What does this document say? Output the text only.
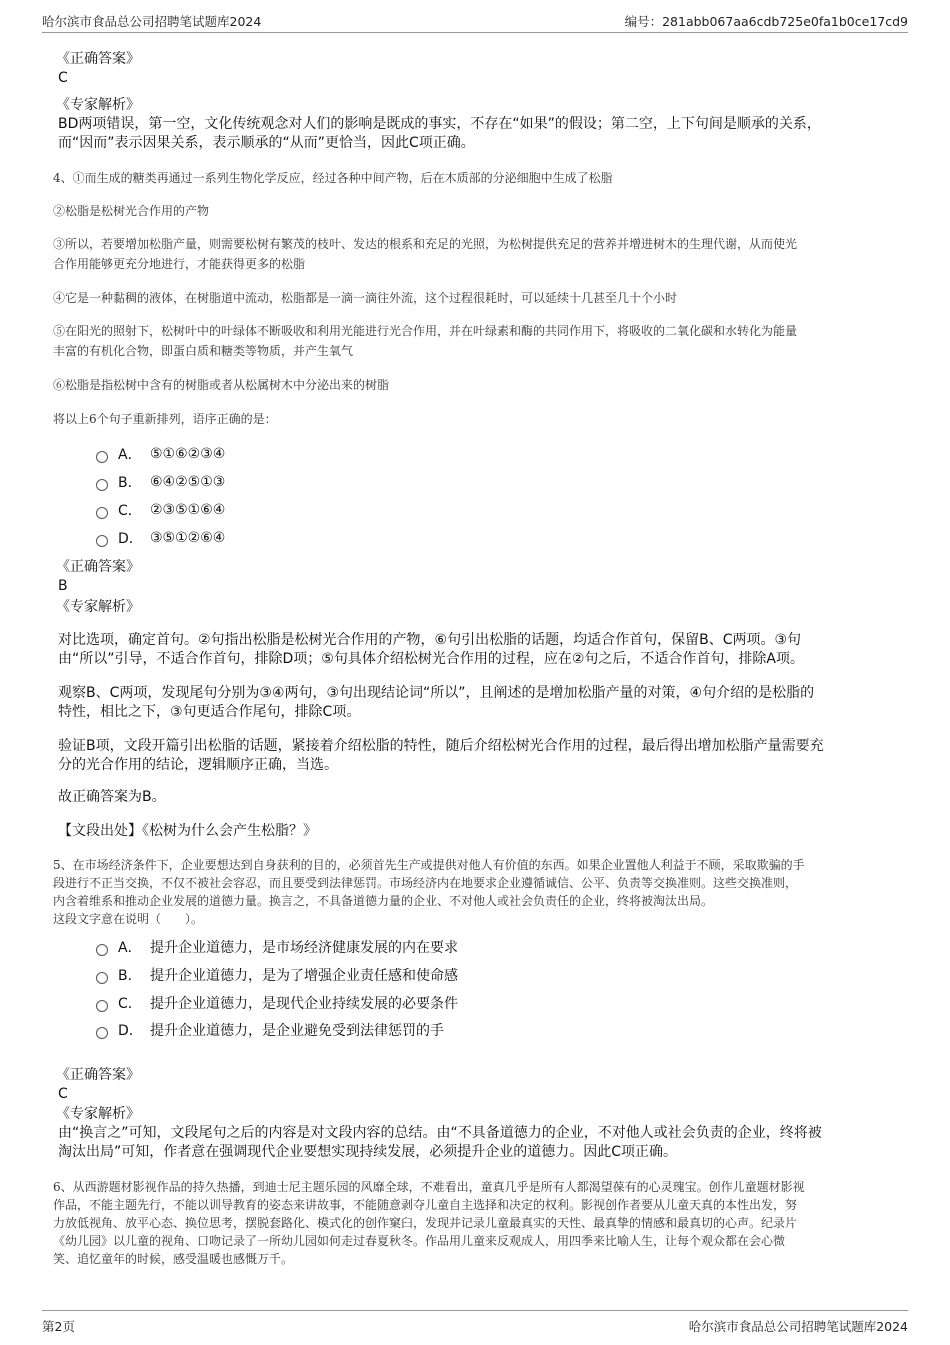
哈尔滨市食品总公司招聘笔试题库2024	编号：281abb067aa6cdb725e0fa1b0ce17cd9
《正确答案》
C
《专家解析》
BD两项错误，第一空，文化传统观念对人们的影响是既成的事实，不存在“如果”的假设；第二空，上下句间是顺承的关系，
而“因而”表示因果关系，表示顺承的“从而”更恰当，因此C项正确。
4、①而生成的糖类再通过一系列生物化学反应，经过各种中间产物，后在木质部的分泌细胞中生成了松脂
②松脂是松树光合作用的产物
③所以，若要增加松脂产量，则需要松树有繁茂的枝叶、发达的根系和充足的光照，为松树提供充足的营养并增进树木的生理代谢，从而使光
合作用能够更充分地进行，才能获得更多的松脂
④它是一种黏稠的液体，在树脂道中流动，松脂都是一滴一滴往外流，这个过程很耗时，可以延续十几甚至几十个小时
⑤在阳光的照射下，松树叶中的叶绿体不断吸收和利用光能进行光合作用，并在叶绿素和酶的共同作用下，将吸收的二氧化碳和水转化为能量
丰富的有机化合物，即蛋白质和糖类等物质，并产生氧气
⑥松脂是指松树中含有的树脂或者从松属树木中分泌出来的树脂
将以上6个句子重新排列，语序正确的是：
A． ⑤①⑥②③④
B． ⑥④②⑤①③
C． ②③⑤①⑥④
D． ③⑤①②⑥④
《正确答案》
B
《专家解析》
对比选项，确定首句。②句指出松脂是松树光合作用的产物，⑥句引出松脂的话题，均适合作首句，保留B、C两项。③句
由“所以”引导，不适合作首句，排除D项；⑤句具体介绍松树光合作用的过程，应在②句之后，不适合作首句，排除A项。
观察B、C两项，发现尾句分别为③④两句，③句出现结论词“所以”，且阐述的是增加松脂产量的对策，④句介绍的是松脂的
特性，相比之下，③句更适合作尾句，排除C项。
验证B项，文段开篇引出松脂的话题，紧接着介绍松脂的特性，随后介绍松树光合作用的过程，最后得出增加松脂产量需要充
分的光合作用的结论，逻辑顺序正确，当选。
故正确答案为B。
【文段出处】《松树为什么会产生松脂？》
5、在市场经济条件下，企业要想达到自身获利的目的，必须首先生产或提供对他人有价值的东西。如果企业置他人利益于不顾，采取欺骗的手
段进行不正当交换，不仅不被社会容忍，而且要受到法律惩罚。市场经济内在地要求企业遵循诚信、公平、负责等交换准则。这些交换准则，
内含着维系和推动企业发展的道德力量。换言之，不具备道德力量的企业、不对他人或社会负责任的企业，终将被淘汰出局。
这段文字意在说明（　　）。
A． 提升企业道德力，是市场经济健康发展的内在要求
B． 提升企业道德力，是为了增强企业责任感和使命感
C． 提升企业道德力，是现代企业持续发展的必要条件
D． 提升企业道德力，是企业避免受到法律惩罚的手
《正确答案》
C
《专家解析》
由“换言之”可知，文段尾句之后的内容是对文段内容的总结。由“不具备道德力的企业，不对他人或社会负责的企业，终将被
淘汰出局”可知，作者意在强调现代企业要想实现持续发展，必须提升企业的道德力。因此C项正确。
6、从西游题材影视作品的持久热播，到迪士尼主题乐园的风靡全球，不难看出，童真几乎是所有人都渴望葆有的心灵瑰宝。创作儿童题材影视
作品，不能主题先行，不能以训导教育的姿态来讲故事，不能随意剥夺儿童自主选择和决定的权利。影视创作者要从儿童天真的本性出发，努
力放低视角、放平心态、换位思考，摆脱套路化、模式化的创作窠臼，发现并记录儿童最真实的天性、最真挚的情感和最真切的心声。纪录片
《幼儿园》以儿童的视角、口吻记录了一所幼儿园如何走过春夏秋冬。作品用儿童来反观成人，用四季来比喻人生，让每个观众都在会心微
笑、追忆童年的时候，感受温暖也感慨万千。
第2页	哈尔滨市食品总公司招聘笔试题库2024
